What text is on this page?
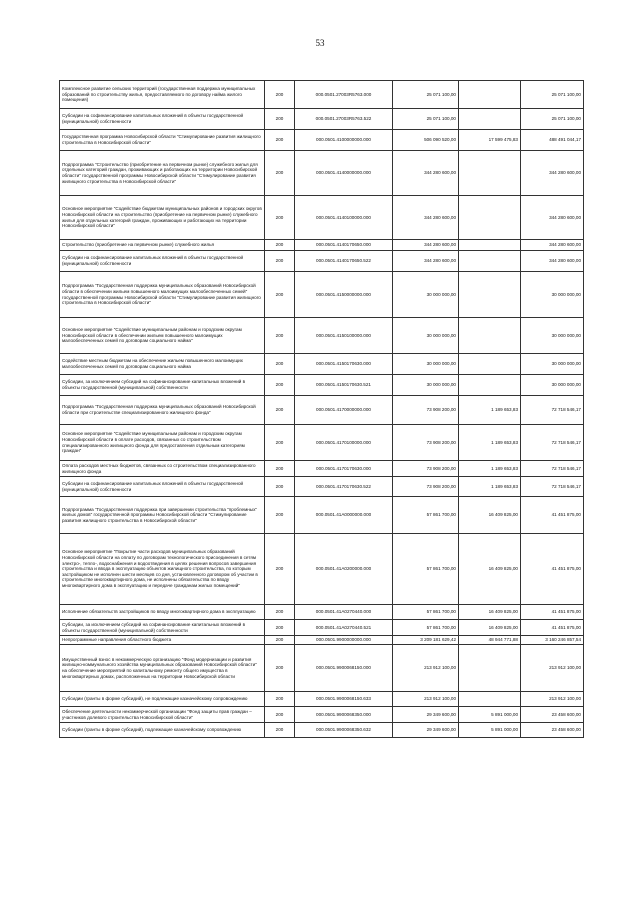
53
Комплексное развитие сельских территорий (государственная поддержка муниципальных образований по строительству жилья, предоставляемого по договору найма жилого помещения)	200	000.0501.27003R5763.000	25 071 100,00		25 071 100,00
Субсидии на софинансирование капитальных вложений в объекты государственной (муниципальной) собственности	200	000.0501.27003R5763.522	25 071 100,00		25 071 100,00
Государственная программа Новосибирской области "Стимулирование развития жилищного строительства в Новосибирской области"	200	000.0501.4100000000.000	506 090 520,00	17 599 475,83	488 491 044,17
Подпрограмма "Строительство (приобретение на первичном рынке) служебного жилья для отдельных категорий граждан, проживающих и работающих на территории Новосибирской области" государственной программы Новосибирской области "Стимулирование развития жилищного строительства в Новосибирской области"	200	000.0501.4140000000.000	344 280 600,00		344 280 600,00
Основное мероприятие "Содействие бюджетам муниципальных районов и городских округов Новосибирской области на строительство (приобретение на первичном рынке) служебного жилья для отдельных категорий граждан, проживающих и работающих на территории Новосибирской области"	200	000.0501.4140100000.000	344 280 600,00		344 280 600,00
Строительство (приобретение на первичном рынке) служебного жилья	200	000.0501.4140170650.000	344 280 600,00		344 280 600,00
Субсидии на софинансирование капитальных вложений в объекты государственной (муниципальной) собственности	200	000.0501.4140170650.522	344 280 600,00		344 280 600,00
Подпрограмма "Государственная поддержка муниципальных образований Новосибирской области в обеспечении жильем повышенного малоимущих малообеспеченных семей" государственной программы Новосибирской области "Стимулирование развития жилищного строительства в Новосибирской области"	200	000.0501.4150000000.000	30 000 000,00		30 000 000,00
Основное мероприятие "Содействие муниципальным районам и городским округам Новосибирской области в обеспечении жильем повышенного малоимущих малообеспеченных семей по договорам социального найма"	200	000.0501.4150100000.000	30 000 000,00		30 000 000,00
Содействие местным бюджетам на обеспечение жильем повышенного малоимущих малообеспеченных семей по договорам социального найма	200	000.0501.4150170630.000	30 000 000,00		30 000 000,00
Субсидии, за исключением субсидий на софинансирование капитальных вложений в объекты государственной (муниципальной) собственности	200	000.0501.4150170630.521	30 000 000,00		30 000 000,00
Подпрограмма "Государственная поддержка муниципальных образований Новосибирской области при строительстве специализированного жилищного фонда"	200	000.0501.4170000000.000	73 908 200,00	1 189 653,83	72 718 546,17
Основное мероприятие "Содействие муниципальным районам и городским округам Новосибирской области в оплате расходов, связанных со строительством специализированного жилищного фонда для предоставления отдельным категориям граждан"	200	000.0501.4170100000.000	73 908 200,00	1 189 653,83	72 718 546,17
Оплата расходов местных бюджетов, связанных со строительством специализированного жилищного фонда	200	000.0501.4170170630.000	73 908 200,00	1 189 653,83	72 718 546,17
Субсидии на софинансирование капитальных вложений в объекты государственной (муниципальной) собственности	200	000.0501.4170170630.522	73 908 200,00	1 189 653,83	72 718 546,17
Подпрограмма "Государственная поддержка при завершении строительства "проблемных" жилых домов" государственной программы Новосибирской области "Стимулирование развития жилищного строительства в Новосибирской области"	200	000.0501.41А0000000.000	57 861 700,00	16 409 825,00	41 451 875,00
Основное мероприятие "Покрытие части расходов муниципальных образований Новосибирской области на оплату по договорам технологического присоединения в сетям электро-, тепло-, водоснабжения и водоотведения в целях решения вопросов завершения строительства и ввода в эксплуатацию объектов жилищного строительства, по которым застройщиком не исполнен шести месяцев со дня, установленного договором об участии в строительстве многоквартирного дома, не исполнены обязательства по вводу многоквартирного дома в эксплуатацию и передаче гражданам жилых помещений"	200	000.0501.41А0200000.000	57 861 700,00	16 409 825,00	41 451 875,00
Исполнение обязательств застройщиков по вводу многоквартирного дома в эксплуатацию	200	000.0501.41А0270440.000	57 861 700,00	16 409 825,00	41 451 875,00
Субсидии, за исключением субсидий на софинансирование капитальных вложений в объекты государственной (муниципальной) собственности	200	000.0501.41А0270440.521	57 861 700,00	16 409 825,00	41 451 875,00
Непрограммные направления областного бюджета	200	000.0501.9900000000.000	3 209 181 629,42	48 944 771,88	3 160 246 857,54
Имущественный взнос в некоммерческую организацию "Фонд модернизации и развития жилищно-коммунального хозяйства муниципальных образований Новосибирской области" на обеспечение мероприятий по капитальному ремонту общего имущества в многоквартирных домах, расположенных на территории Новосибирской области	200	000.0501.9900068150.000	213 912 100,00		213 912 100,00
Субсидии (гранты в форме субсидий), не подлежащие казначейскому сопровождению	200	000.0501.9900068150.633	213 912 100,00		213 912 100,00
Обеспечение деятельности некоммерческой организации "Фонд защиты прав граждан – участников долевого строительства Новосибирской области"	200	000.0501.9900068350.000	29 349 600,00	5 891 000,00	23 458 600,00
Субсидии (гранты в форме субсидий), подлежащие казначейскому сопровождению	200	000.0501.9900068350.632	29 349 600,00	5 891 000,00	23 458 600,00
